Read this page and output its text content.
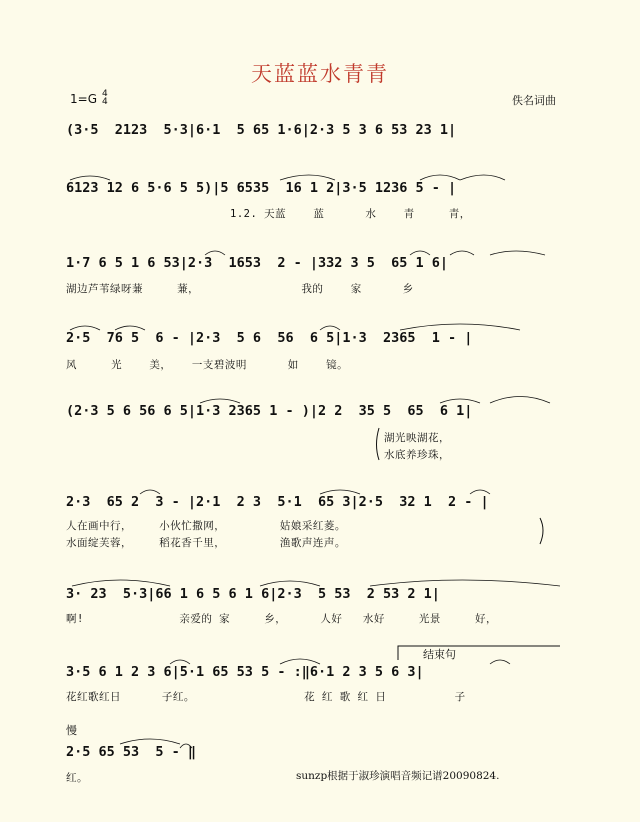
天蓝蓝水青青
1=G 4
4	佚名词曲
(3·5  2123  5·3|6·1  5 65 1·6|2·3 5 3 6 53 23 1|
6123 12 6 5·6 5 5)|5 6535  16 1 2|3·5 1236 5 - |
1.2. 天蓝    蓝      水    青     青，
1·7 6 5 1 6 53|2·3  1653  2 - |332 3 5  65 1 6|
湖边芦苇绿呀蒹     蒹，               我的    家      乡
2·5  76 5  6 - |2·3  5 6  56  6 5|1·3  2365  1 - |
风     光    美，   一支碧波明      如    镜。
(2·3 5 6 56 6 5|1·3 2365 1 - )|2 2  35 5  65  6 1|
湖光映湖花，
水底养珍珠，
2·3  65 2  3 - |2·1  2 3  5·1  65 3|2·5  32 1  2 - |
人在画中行，    小伙忙撒网，        姑娘采红菱。
水面绽芙蓉，    稻花香千里，        渔歌声连声。
3· 23  5·3|66 1 6 5 6 1 6|2·3  5 53  2 53 2 1|
啊!              亲爱的 家     乡，     人好   水好     光景     好，
结束句
3·5 6 1 2 3 6|5·1 65 53 5 - :‖6·1 2 3 5 6 3|
花红歌红日      子红。                花 红 歌 红 日          子
慢
2·5 65 53  5 - ‖
红。	sunzp根据于淑珍演唱音频记谱20090824.
